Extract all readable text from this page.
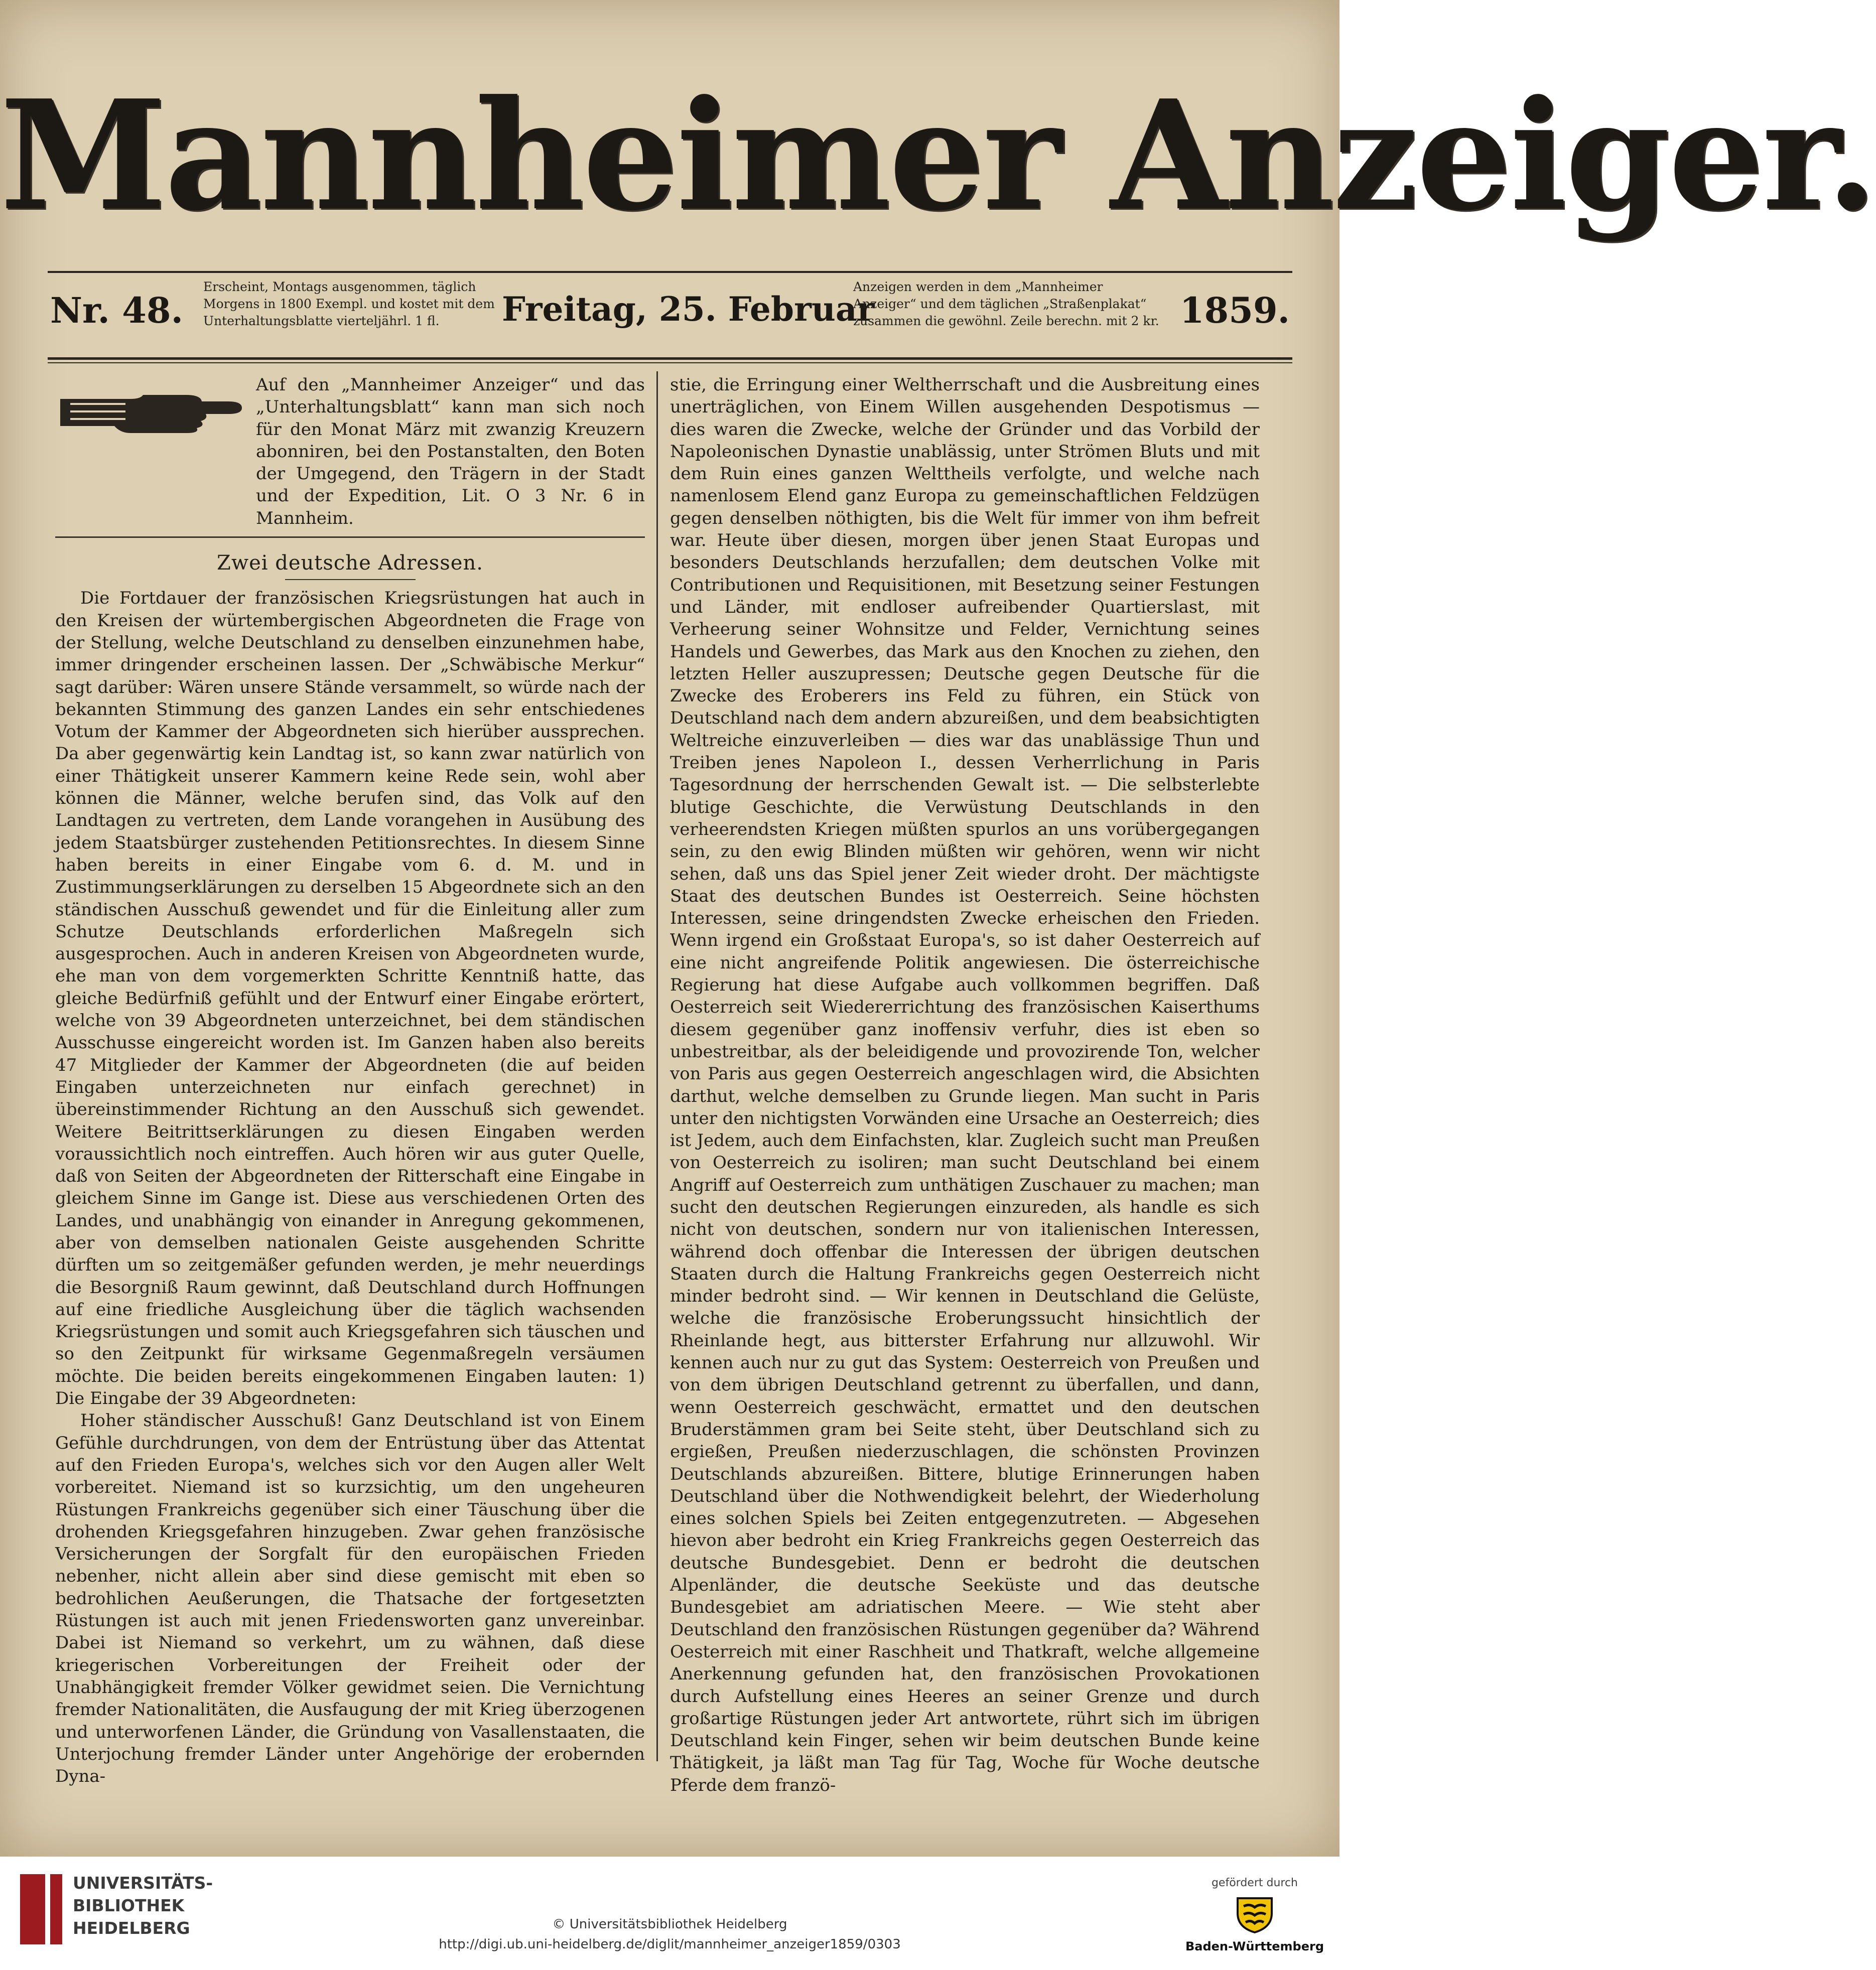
Mannheimer Anzeiger.
Nr. 48.
Erscheint, Montags ausgenommen, täglich Morgens in 1800 Exempl. und kostet mit dem Unterhaltungsblatte vierteljährl. 1 fl.	Freitag, 25. Februar
Anzeigen werden in dem „Mannheimer Anzeiger“ und dem täglichen „Straßenplakat“ zusammen die gewöhnl. Zeile berechn. mit 2 kr. 1859.
Auf den „Mannheimer Anzeiger“ und das „Unterhaltungsblatt“ kann man sich noch für den Monat März mit zwanzig Kreuzern abonniren, bei den Postanstalten, den Boten der Umgegend, den Trägern in der Stadt und der Expedition, Lit. O 3 Nr. 6 in Mannheim.
Zwei deutsche Adressen.

Die Fortdauer der französischen Kriegsrüstungen hat auch in den Kreisen der würtembergischen Abgeordneten die Frage von der Stellung, welche Deutschland zu denselben einzunehmen habe, immer dringender erscheinen lassen. Der „Schwäbische Merkur“ sagt darüber: Wären unsere Stände versammelt, so würde nach der bekannten Stimmung des ganzen Landes ein sehr entschiedenes Votum der Kammer der Abgeordneten sich hierüber aussprechen. Da aber gegenwärtig kein Landtag ist, so kann zwar natürlich von einer Thätigkeit unserer Kammern keine Rede sein, wohl aber können die Männer, welche berufen sind, das Volk auf den Landtagen zu vertreten, dem Lande vorangehen in Ausübung des jedem Staatsbürger zustehenden Petitionsrechtes. In diesem Sinne haben bereits in einer Eingabe vom 6. d. M. und in Zustimmungserklärungen zu derselben 15 Abgeordnete sich an den ständischen Ausschuß gewendet und für die Einleitung aller zum Schutze Deutschlands erforderlichen Maßregeln sich ausgesprochen. Auch in anderen Kreisen von Abgeordneten wurde, ehe man von dem vorgemerkten Schritte Kenntniß hatte, das gleiche Bedürfniß gefühlt und der Entwurf einer Eingabe erörtert, welche von 39 Abgeordneten unterzeichnet, bei dem ständischen Ausschusse eingereicht worden ist. Im Ganzen haben also bereits 47 Mitglieder der Kammer der Abgeordneten (die auf beiden Eingaben unterzeichneten nur einfach gerechnet) in übereinstimmender Richtung an den Ausschuß sich gewendet. Weitere Beitrittserklärungen zu diesen Eingaben werden voraussichtlich noch eintreffen. Auch hören wir aus guter Quelle, daß von Seiten der Abgeordneten der Ritterschaft eine Eingabe in gleichem Sinne im Gange ist. Diese aus verschiedenen Orten des Landes, und unabhängig von einander in Anregung gekommenen, aber von demselben nationalen Geiste ausgehenden Schritte dürften um so zeitgemäßer gefunden werden, je mehr neuerdings die Besorgniß Raum gewinnt, daß Deutschland durch Hoffnungen auf eine friedliche Ausgleichung über die täglich wachsenden Kriegsrüstungen und somit auch Kriegsgefahren sich täuschen und so den Zeitpunkt für wirksame Gegenmaßregeln versäumen möchte. Die beiden bereits eingekommenen Eingaben lauten: 1) Die Eingabe der 39 Abgeordneten:

Hoher ständischer Ausschuß! Ganz Deutschland ist von Einem Gefühle durchdrungen, von dem der Entrüstung über das Attentat auf den Frieden Europa's, welches sich vor den Augen aller Welt vorbereitet. Niemand ist so kurzsichtig, um den ungeheuren Rüstungen Frankreichs gegenüber sich einer Täuschung über die drohenden Kriegsgefahren hinzugeben. Zwar gehen französische Versicherungen der Sorgfalt für den europäischen Frieden nebenher, nicht allein aber sind diese gemischt mit eben so bedrohlichen Aeußerungen, die Thatsache der fortgesetzten Rüstungen ist auch mit jenen Friedensworten ganz unvereinbar. Dabei ist Niemand so verkehrt, um zu wähnen, daß diese kriegerischen Vorbereitungen der Freiheit oder der Unabhängigkeit fremder Völker gewidmet seien. Die Vernichtung fremder Nationalitäten, die Ausfaugung der mit Krieg überzogenen und unterworfenen Länder, die Gründung von Vasallenstaaten, die Unterjochung fremder Länder unter Angehörige der erobernden Dyna-

stie, die Erringung einer Weltherrschaft und die Ausbreitung eines unerträglichen, von Einem Willen ausgehenden Despotismus — dies waren die Zwecke, welche der Gründer und das Vorbild der Napoleonischen Dynastie unablässig, unter Strömen Bluts und mit dem Ruin eines ganzen Welttheils verfolgte, und welche nach namenlosem Elend ganz Europa zu gemeinschaftlichen Feldzügen gegen denselben nöthigten, bis die Welt für immer von ihm befreit war. Heute über diesen, morgen über jenen Staat Europas und besonders Deutschlands herzufallen; dem deutschen Volke mit Contributionen und Requisitionen, mit Besetzung seiner Festungen und Länder, mit endloser aufreibender Quartierslast, mit Verheerung seiner Wohnsitze und Felder, Vernichtung seines Handels und Gewerbes, das Mark aus den Knochen zu ziehen, den letzten Heller auszupressen; Deutsche gegen Deutsche für die Zwecke des Eroberers ins Feld zu führen, ein Stück von Deutschland nach dem andern abzureißen, und dem beabsichtigten Weltreiche einzuverleiben — dies war das unablässige Thun und Treiben jenes Napoleon I., dessen Verherrlichung in Paris Tagesordnung der herrschenden Gewalt ist. — Die selbsterlebte blutige Geschichte, die Verwüstung Deutschlands in den verheerendsten Kriegen müßten spurlos an uns vorübergegangen sein, zu den ewig Blinden müßten wir gehören, wenn wir nicht sehen, daß uns das Spiel jener Zeit wieder droht. Der mächtigste Staat des deutschen Bundes ist Oesterreich. Seine höchsten Interessen, seine dringendsten Zwecke erheischen den Frieden. Wenn irgend ein Großstaat Europa's, so ist daher Oesterreich auf eine nicht angreifende Politik angewiesen. Die österreichische Regierung hat diese Aufgabe auch vollkommen begriffen. Daß Oesterreich seit Wiedererrichtung des französischen Kaiserthums diesem gegenüber ganz inoffensiv verfuhr, dies ist eben so unbestreitbar, als der beleidigende und provozirende Ton, welcher von Paris aus gegen Oesterreich angeschlagen wird, die Absichten darthut, welche demselben zu Grunde liegen. Man sucht in Paris unter den nichtigsten Vorwänden eine Ursache an Oesterreich; dies ist Jedem, auch dem Einfachsten, klar. Zugleich sucht man Preußen von Oesterreich zu isoliren; man sucht Deutschland bei einem Angriff auf Oesterreich zum unthätigen Zuschauer zu machen; man sucht den deutschen Regierungen einzureden, als handle es sich nicht von deutschen, sondern nur von italienischen Interessen, während doch offenbar die Interessen der übrigen deutschen Staaten durch die Haltung Frankreichs gegen Oesterreich nicht minder bedroht sind. — Wir kennen in Deutschland die Gelüste, welche die französische Eroberungssucht hinsichtlich der Rheinlande hegt, aus bitterster Erfahrung nur allzuwohl. Wir kennen auch nur zu gut das System: Oesterreich von Preußen und von dem übrigen Deutschland getrennt zu überfallen, und dann, wenn Oesterreich geschwächt, ermattet und den deutschen Bruderstämmen gram bei Seite steht, über Deutschland sich zu ergießen, Preußen niederzuschlagen, die schönsten Provinzen Deutschlands abzureißen. Bittere, blutige Erinnerungen haben Deutschland über die Nothwendigkeit belehrt, der Wiederholung eines solchen Spiels bei Zeiten entgegenzutreten. — Abgesehen hievon aber bedroht ein Krieg Frankreichs gegen Oesterreich das deutsche Bundesgebiet. Denn er bedroht die deutschen Alpenländer, die deutsche Seeküste und das deutsche Bundesgebiet am adriatischen Meere. — Wie steht aber Deutschland den französischen Rüstungen gegenüber da? Während Oesterreich mit einer Raschheit und Thatkraft, welche allgemeine Anerkennung gefunden hat, den französischen Provokationen durch Aufstellung eines Heeres an seiner Grenze und durch großartige Rüstungen jeder Art antwortete, rührt sich im übrigen Deutschland kein Finger, sehen wir beim deutschen Bunde keine Thätigkeit, ja läßt man Tag für Tag, Woche für Woche deutsche Pferde dem franzö-

UNIVERSITÄTS-
BIBLIOTHEK
HEIDELBERG	© Universitätsbibliothek Heidelberg
http://digi.ub.uni-heidelberg.de/diglit/mannheimer_anzeiger1859/0303
gefördert durch
Baden-Württemberg
